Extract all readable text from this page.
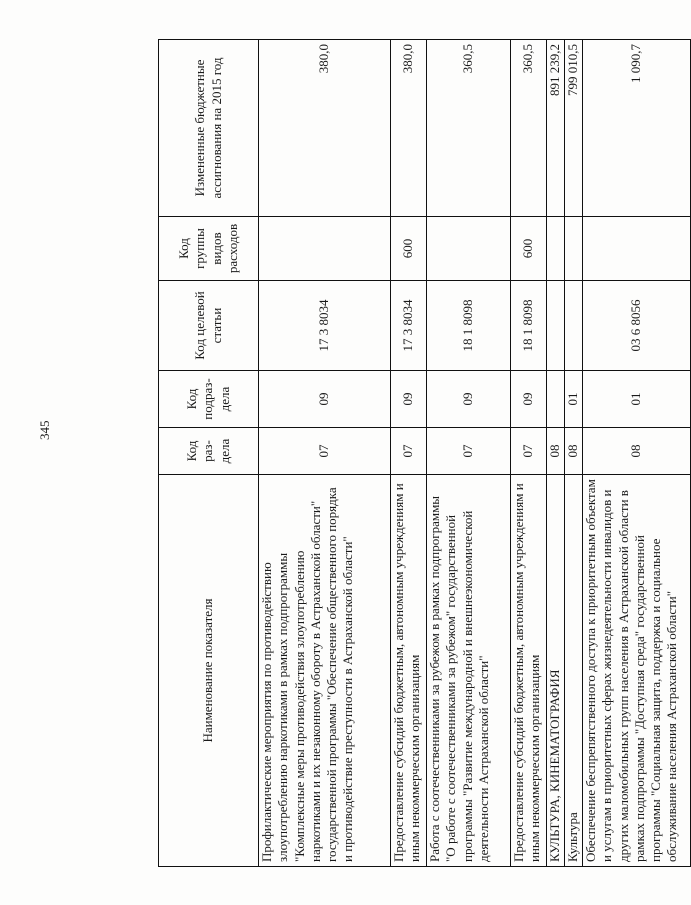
345
Наименование показателя	Код раз-дела	Код подраз-дела	Код целевой статьи	Код группы видов расходов	Измененные бюджетные ассигнования на 2015 год
Профилактические мероприятия по противодействию злоупотреблению наркотиками в рамках подпрограммы "Комплексные меры противодействия злоупотреблению наркотиками и их незаконному обороту в Астраханской области" государственной программы "Обеспечение общественного порядка и противодействие преступности в Астраханской области"	07	09	17 3 8034		380,0
Предоставление субсидий бюджетным, автономным учреждениям и иным некоммерческим организациям	07	09	17 3 8034	600	380,0
Работа с соотечественниками за рубежом в рамках подпрограммы "О работе с соотечественниками за рубежом" государственной программы "Развитие международной и внешнеэкономической деятельности Астраханской области"	07	09	18 1 8098		360,5
Предоставление субсидий бюджетным, автономным учреждениям и иным некоммерческим организациям	07	09	18 1 8098	600	360,5
КУЛЬТУРА, КИНЕМАТОГРАФИЯ	08				891 239,2
Культура	08	01			799 010,5
Обеспечение беспрепятственного доступа к приоритетным объектам и услугам в приоритетных сферах жизнедеятельности инвалидов и других маломобильных групп населения в Астраханской области в рамках подпрограммы "Доступная среда" государственной программы "Социальная защита, поддержка и социальное обслуживание населения Астраханской области"	08	01	03 6 8056		1 090,7
